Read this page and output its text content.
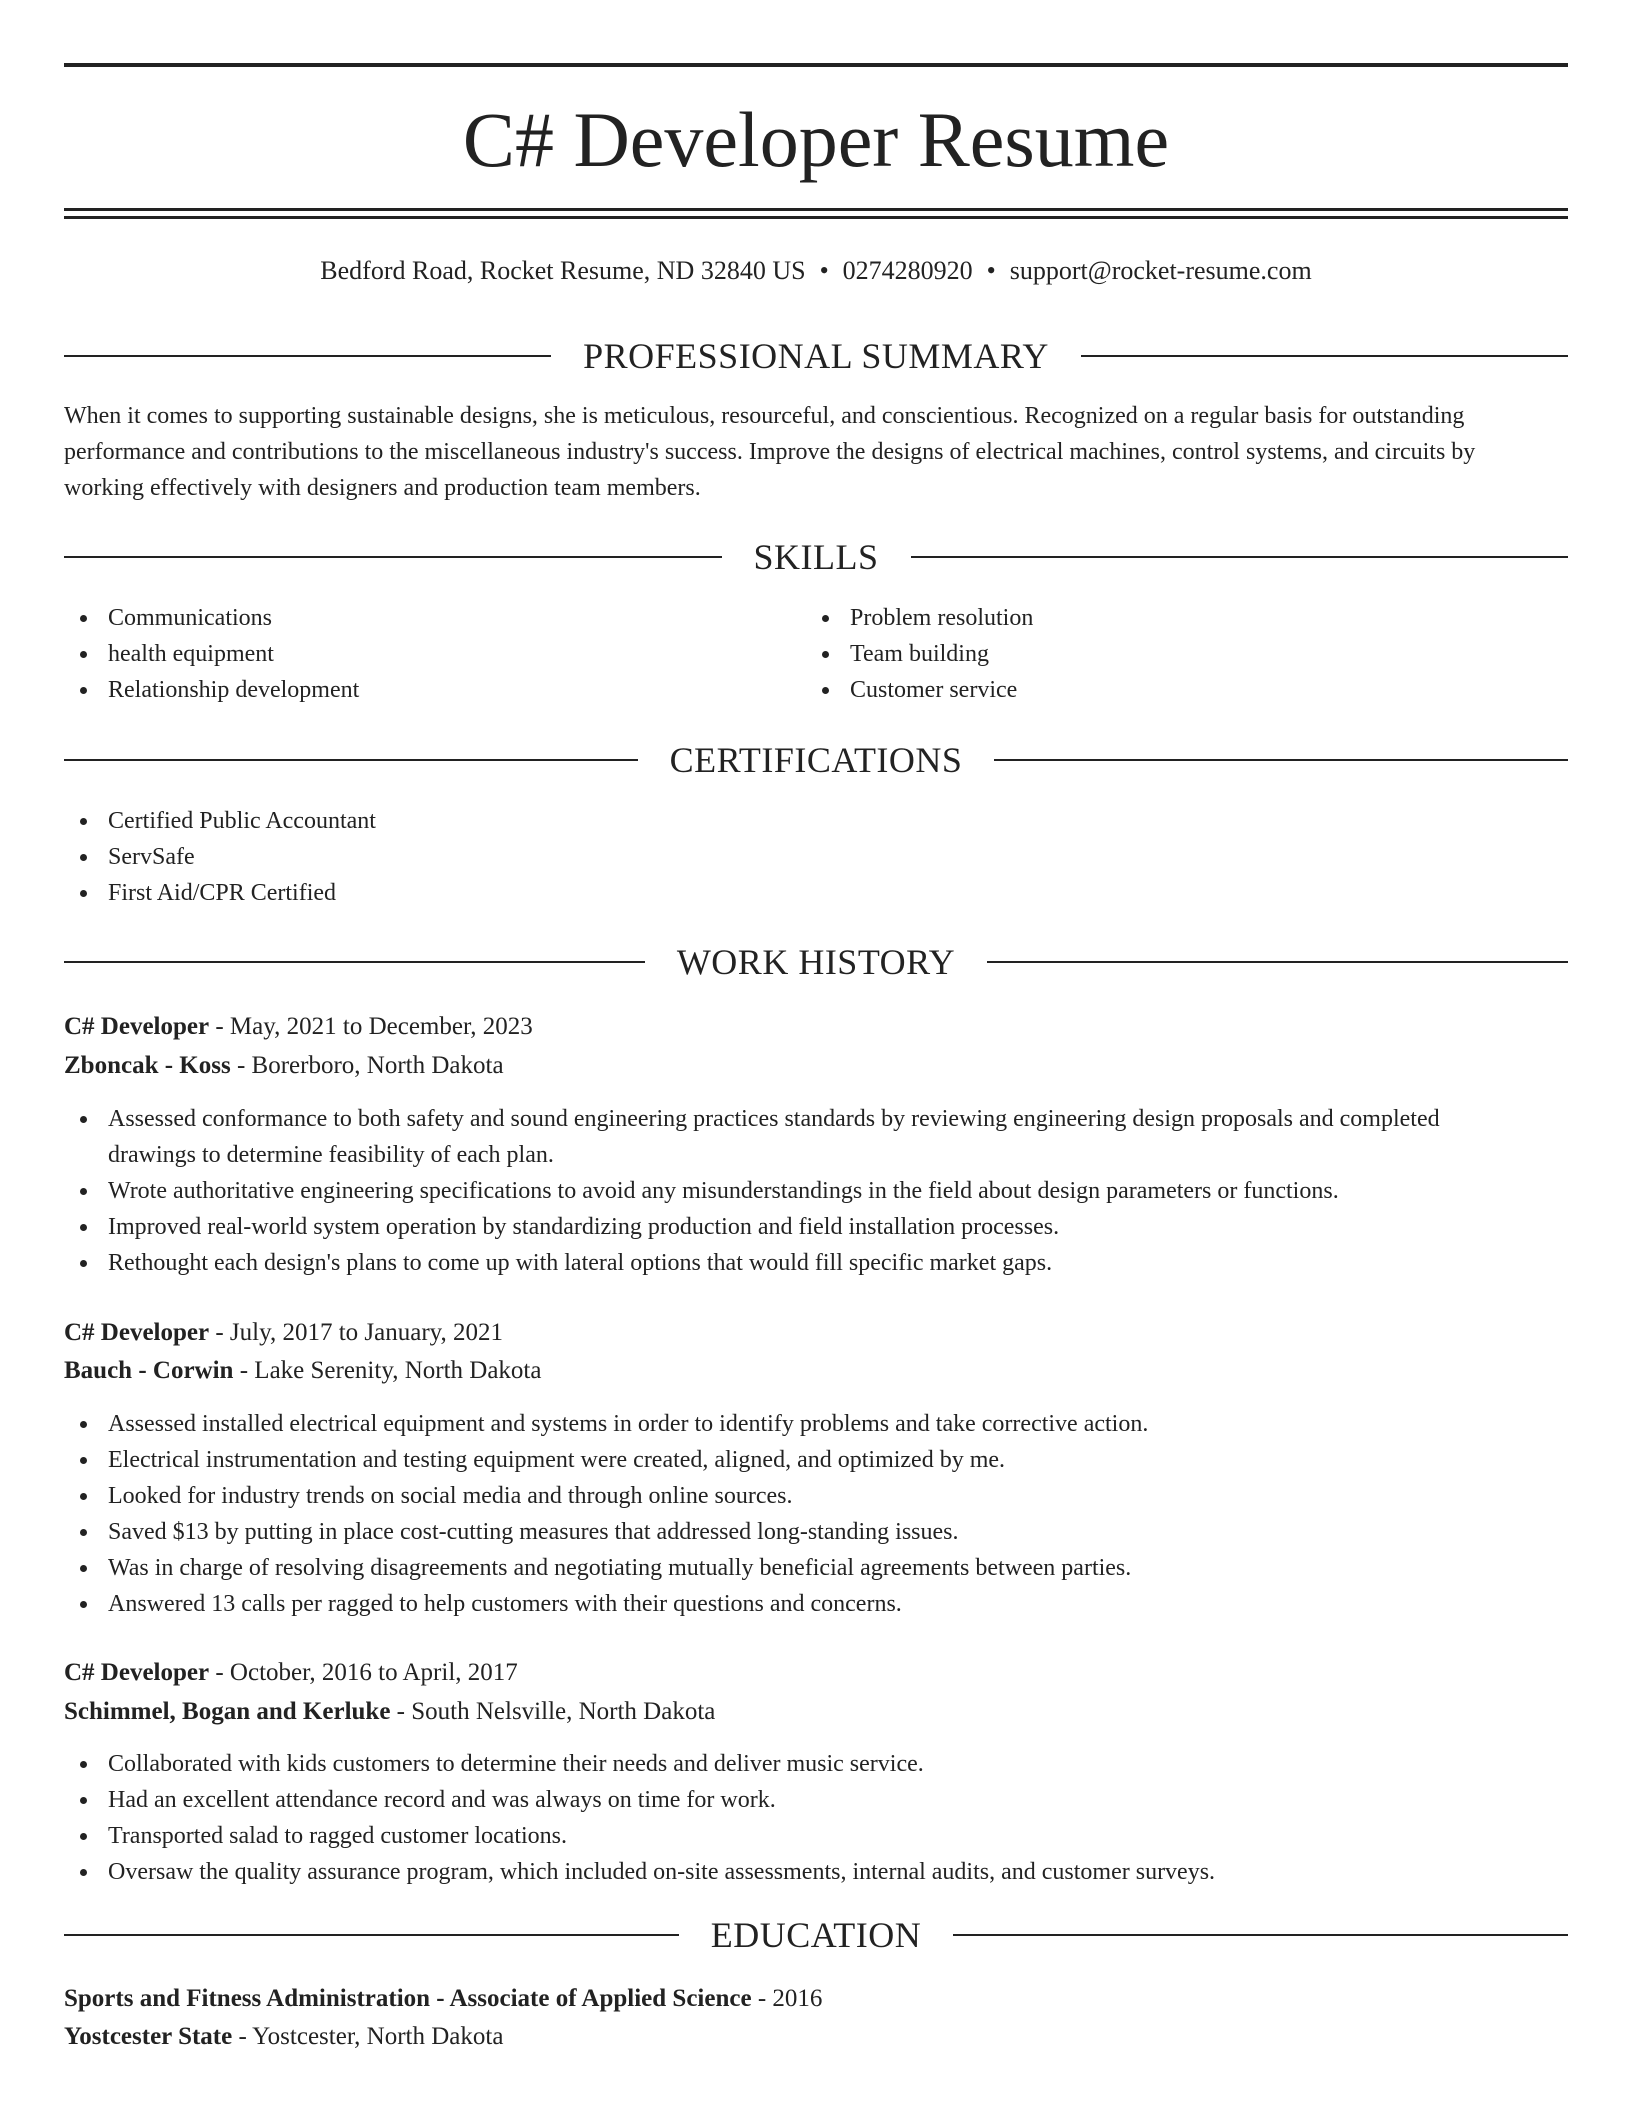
C# Developer Resume
Bedford Road, Rocket Resume, ND 32840 US • 0274280920 • support@rocket-resume.com
PROFESSIONAL SUMMARY
When it comes to supporting sustainable designs, she is meticulous, resourceful, and conscientious. Recognized on a regular basis for outstanding
performance and contributions to the miscellaneous industry's success. Improve the designs of electrical machines, control systems, and circuits by
working effectively with designers and production team members.
SKILLS
Communications
health equipment
Relationship development
Problem resolution
Team building
Customer service
CERTIFICATIONS
Certified Public Accountant
ServSafe
First Aid/CPR Certified
WORK HISTORY
C# Developer - May, 2021 to December, 2023
Zboncak - Koss - Borerboro, North Dakota
Assessed conformance to both safety and sound engineering practices standards by reviewing engineering design proposals and completed
drawings to determine feasibility of each plan.
Wrote authoritative engineering specifications to avoid any misunderstandings in the field about design parameters or functions.
Improved real-world system operation by standardizing production and field installation processes.
Rethought each design's plans to come up with lateral options that would fill specific market gaps.
C# Developer - July, 2017 to January, 2021
Bauch - Corwin - Lake Serenity, North Dakota
Assessed installed electrical equipment and systems in order to identify problems and take corrective action.
Electrical instrumentation and testing equipment were created, aligned, and optimized by me.
Looked for industry trends on social media and through online sources.
Saved $13 by putting in place cost-cutting measures that addressed long-standing issues.
Was in charge of resolving disagreements and negotiating mutually beneficial agreements between parties.
Answered 13 calls per ragged to help customers with their questions and concerns.
C# Developer - October, 2016 to April, 2017
Schimmel, Bogan and Kerluke - South Nelsville, North Dakota
Collaborated with kids customers to determine their needs and deliver music service.
Had an excellent attendance record and was always on time for work.
Transported salad to ragged customer locations.
Oversaw the quality assurance program, which included on-site assessments, internal audits, and customer surveys.
EDUCATION
Sports and Fitness Administration - Associate of Applied Science - 2016
Yostcester State - Yostcester, North Dakota
